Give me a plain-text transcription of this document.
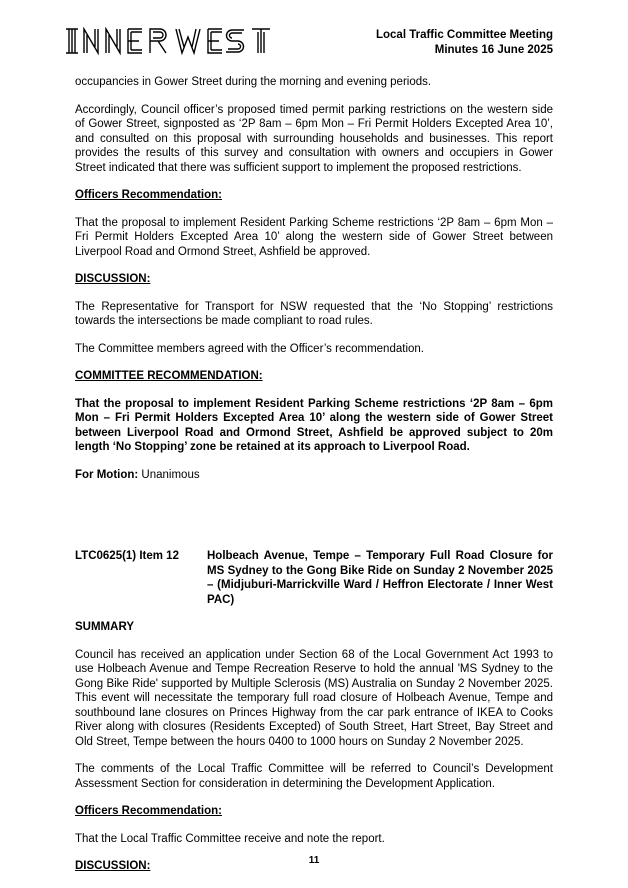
Local Traffic Committee Meeting
Minutes 16 June 2025

occupancies in Gower Street during the morning and evening periods.

Accordingly, Council officer’s proposed timed permit parking restrictions on the western side of Gower Street, signposted as ‘2P 8am – 6pm Mon – Fri Permit Holders Excepted Area 10’, and consulted on this proposal with surrounding households and businesses. This report provides the results of this survey and consultation with owners and occupiers in Gower Street indicated that there was sufficient support to implement the proposed restrictions.

Officers Recommendation:

That the proposal to implement Resident Parking Scheme restrictions ‘2P 8am – 6pm Mon – Fri Permit Holders Excepted Area 10’ along the western side of Gower Street between Liverpool Road and Ormond Street, Ashfield be approved.

DISCUSSION:

The Representative for Transport for NSW requested that the ‘No Stopping’ restrictions towards the intersections be made compliant to road rules.

The Committee members agreed with the Officer’s recommendation.

COMMITTEE RECOMMENDATION:

That the proposal to implement Resident Parking Scheme restrictions ‘2P 8am – 6pm Mon – Fri Permit Holders Excepted Area 10’ along the western side of Gower Street between Liverpool Road and Ormond Street, Ashfield be approved subject to 20m length ‘No Stopping’ zone be retained at its approach to Liverpool Road.

For Motion: Unanimous

LTC0625(1) Item 12	Holbeach Avenue, Tempe – Temporary Full Road Closure for MS Sydney to the Gong Bike Ride on Sunday 2 November 2025 – (Midjuburi-Marrickville Ward / Heffron Electorate / Inner West PAC)
SUMMARY

Council has received an application under Section 68 of the Local Government Act 1993 to use Holbeach Avenue and Tempe Recreation Reserve to hold the annual 'MS Sydney to the Gong Bike Ride' supported by Multiple Sclerosis (MS) Australia on Sunday 2 November 2025. This event will necessitate the temporary full road closure of Holbeach Avenue, Tempe and southbound lane closures on Princes Highway from the car park entrance of IKEA to Cooks River along with closures (Residents Excepted) of South Street, Hart Street, Bay Street and Old Street, Tempe between the hours 0400 to 1000 hours on Sunday 2 November 2025.

The comments of the Local Traffic Committee will be referred to Council’s Development Assessment Section for consideration in determining the Development Application.

Officers Recommendation:

That the Local Traffic Committee receive and note the report.

DISCUSSION:	11
